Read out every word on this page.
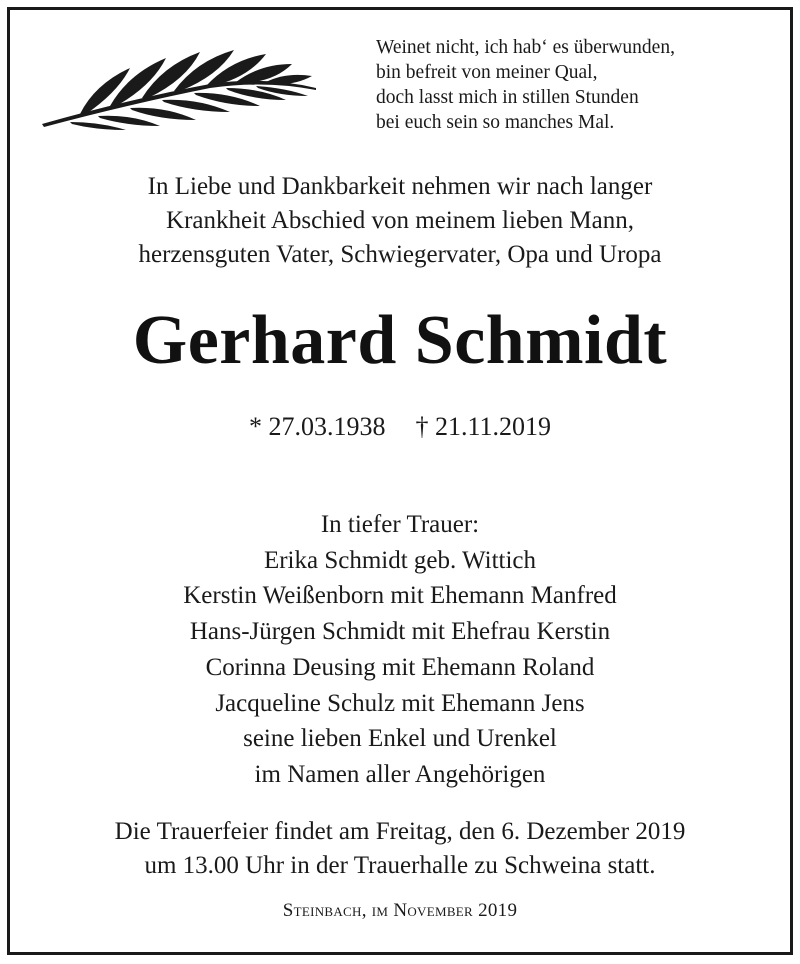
Weinet nicht, ich hab‘ es überwunden,
bin befreit von meiner Qual,
doch lasst mich in stillen Stunden
bei euch sein so manches Mal.
In Liebe und Dankbarkeit nehmen wir nach langer
Krankheit Abschied von meinem lieben Mann,
herzensguten Vater, Schwiegervater, Opa und Uropa
Gerhard Schmidt
* 27.03.1938 † 21.11.2019
In tiefer Trauer:
Erika Schmidt geb. Wittich
Kerstin Weißenborn mit Ehemann Manfred
Hans-Jürgen Schmidt mit Ehefrau Kerstin
Corinna Deusing mit Ehemann Roland
Jacqueline Schulz mit Ehemann Jens
seine lieben Enkel und Urenkel
im Namen aller Angehörigen
Die Trauerfeier findet am Freitag, den 6. Dezember 2019
um 13.00 Uhr in der Trauerhalle zu Schweina statt.
Steinbach, im November 2019
